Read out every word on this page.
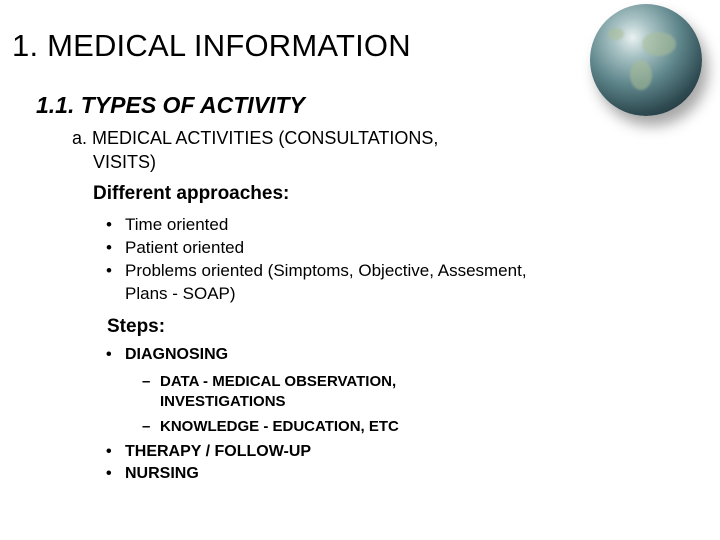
1. MEDICAL INFORMATION
1.1. TYPES OF ACTIVITY
a. MEDICAL ACTIVITIES (CONSULTATIONS,
VISITS)
Different approaches:
• Time oriented
• Patient oriented
• Problems oriented (Simptoms, Objective, Assesment,
Plans - SOAP)
Steps:
• DIAGNOSING
– DATA - MEDICAL OBSERVATION,
INVESTIGATIONS
– KNOWLEDGE - EDUCATION, ETC
• THERAPY / FOLLOW-UP
• NURSING
